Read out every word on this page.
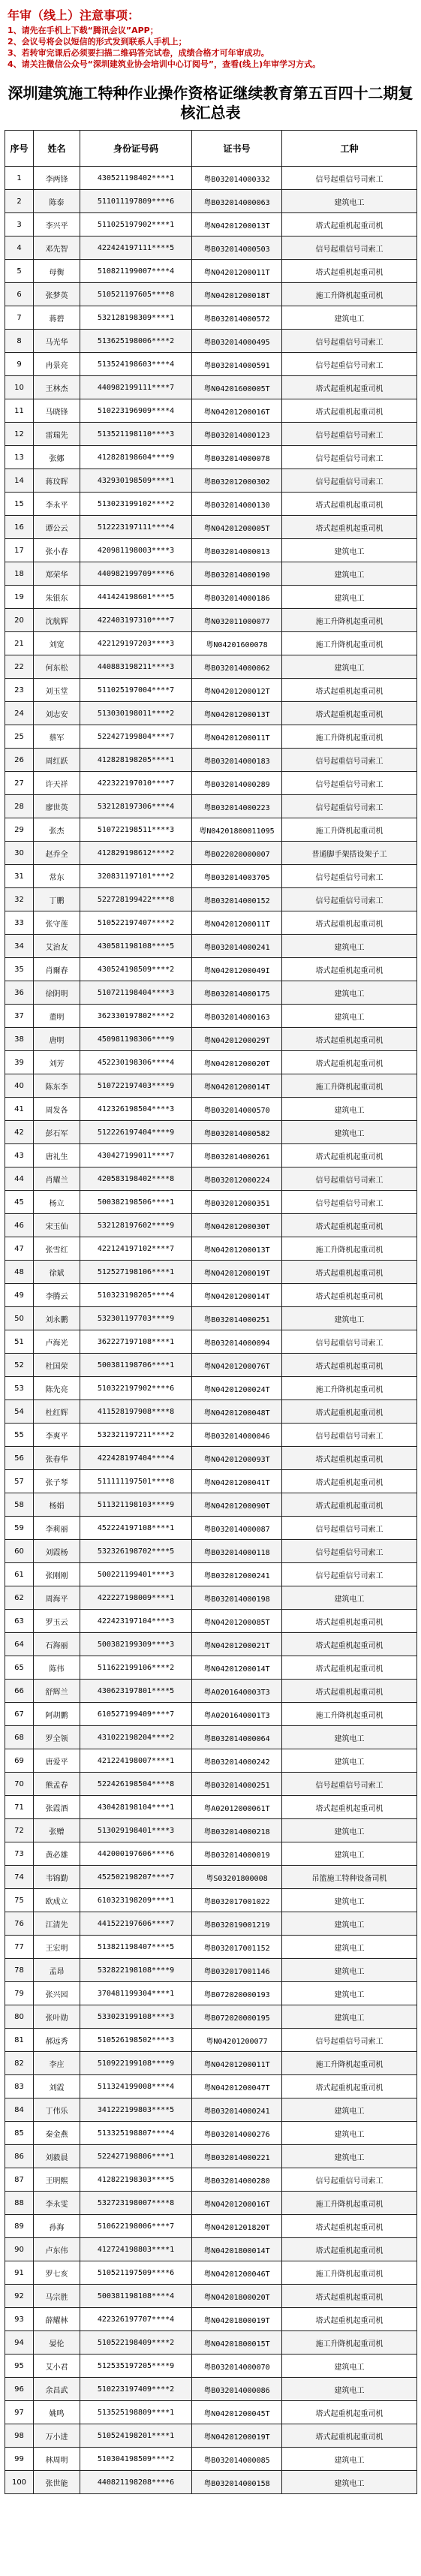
年审（线上）注意事项：
1、请先在手机上下载“腾讯会议”APP；
2、会议号将会以短信的形式发到联系人手机上；
3、若转审完课后必须要扫描二维码答完试卷，成绩合格才可年审成功。
4、请关注微信公众号“深圳建筑业协会培训中心订阅号”，查看(线上)年审学习方式。
深圳建筑施工特种作业操作资格证继续教育第五百四十二期复核汇总表
序号	姓名	身份证号码	证书号	工种
1	李两锋	430521198402****1	粤B032014000332	信号起重信号司索工
2	陈泰	511011197809****6	粤B032014000063	建筑电工
3	李兴平	511025197902****1	粤N04201200013T	塔式起重机起重司机
4	邓先智	422424197111****5	粤B032014000503	信号起重信号司索工
5	母衡	510821199007****4	粤N04201200011T	塔式起重机起重司机
6	张梦英	510521197605****8	粤N04201200018T	施工升降机起重司机
7	蒋碧	532128198309****1	粤B032014000572	建筑电工
8	马光华	513625198006****2	粤B032014000495	信号起重信号司索工
9	冉景亮	513524198603****4	粤B032014000591	信号起重信号司索工
10	王林杰	440982199111****7	粤N04201600005T	塔式起重机起重司机
11	马晓锋	510223196909****4	粤N04201200016T	塔式起重机起重司机
12	雷瑞先	513521198110****3	粤B032014000123	信号起重信号司索工
13	张娜	412828198604****9	粤B032014000078	信号起重信号司索工
14	蒋玟晖	432930198509****1	粤B032012000302	信号起重信号司索工
15	李永平	513023199102****2	粤B032014000130	塔式起重机起重司机
16	谭公云	512223197111****4	粤N04201200005T	塔式起重机起重司机
17	张小春	420981198003****3	粤B032014000013	建筑电工
18	郑荣华	440982199709****6	粤B032014000190	建筑电工
19	朱银东	441424198601****5	粤B032014000186	建筑电工
20	沈航辉	422403197310****7	粤N032011000077	施工升降机起重司机
21	刘宽	422129197203****3	粤N04201600078	施工升降机起重司机
22	何东松	440883198211****3	粤B032014000062	建筑电工
23	刘玉堂	511025197004****7	粤N04201200012T	塔式起重机起重司机
24	刘志安	513030198011****2	粤N04201200013T	塔式起重机起重司机
25	蔡军	522427199804****7	粤N04201200011T	施工升降机起重司机
26	周红跃	412828198205****1	粤B032014000183	信号起重信号司索工
27	许天祥	422322197010****7	粤B032014000289	信号起重信号司索工
28	廖世英	532128197306****4	粤B032014000223	信号起重信号司索工
29	张杰	510722198511****3	粤N04201800011095	施工升降机起重司机
30	赵乔全	412829198612****2	粤B022020000007	普通脚手架搭设架子工
31	常东	320831197101****2	粤B032014003705	信号起重信号司索工
32	丁鹏	522728199422****8	粤B032014000152	信号起重信号司索工
33	张守莲	510522197407****2	粤N04201200011T	塔式起重机起重司机
34	艾治友	430581198108****5	粤B032014000241	建筑电工
35	肖爾春	430524198509****2	粤N04201200049I	塔式起重机起重司机
36	徐阴明	510721198404****3	粤B032014000175	建筑电工
37	董明	362330197802****2	粤B032014000163	建筑电工
38	唐明	450981198306****9	粤N04201200029T	塔式起重机起重司机
39	刘芳	452230198306****4	粤N04201200020T	塔式起重机起重司机
40	陈东李	510722197403****9	粤N04201200014T	施工升降机起重司机
41	周发各	412326198504****3	粤B032014000570	建筑电工
42	彭石军	512226197404****9	粤B032014000582	建筑电工
43	唐礼生	430427199011****7	粤B032014000261	塔式起重机起重司机
44	肖耀兰	420583198402****8	粤B032012000224	信号起重信号司索工
45	杨立	500382198506****1	粤B032012000351	信号起重信号司索工
46	宋玉仙	532128197602****9	粤N04201200030T	塔式起重机起重司机
47	张雪红	422124197102****7	粤N04201200013T	施工升降机起重司机
48	徐斌	512527198106****1	粤N04201200019T	塔式起重机起重司机
49	李腾云	510323198205****4	粤N04201200014T	塔式起重机起重司机
50	刘永鹏	532301197703****9	粤B032014000251	建筑电工
51	卢海光	362227197108****1	粤B032014000094	信号起重信号司索工
52	杜国荣	500381198706****1	粤N04201200076T	塔式起重机起重司机
53	陈先亮	510322197902****6	粤N04201200024T	施工升降机起重司机
54	杜红辉	411528197908****8	粤N04201200048T	塔式起重机起重司机
55	李爽平	532321197211****2	粤B032014000046	信号起重信号司索工
56	张春华	422428197404****4	粤N04201200093T	塔式起重机起重司机
57	张子琴	511111197501****8	粤N04201200041T	塔式起重机起重司机
58	杨娟	511321198103****9	粤N04201200090T	塔式起重机起重司机
59	李莉丽	452224197108****1	粤B032014000087	信号起重信号司索工
60	刘霞杨	532326198702****5	粤B032014000118	信号起重信号司索工
61	张刚刚	500221199401****3	粤B032012000241	信号起重信号司索工
62	周海平	422227198009****1	粤B032014000198	建筑电工
63	罗玉云	422423197104****3	粤N04201200085T	塔式起重机起重司机
64	石海丽	500382199309****3	粤N04201200021T	塔式起重机起重司机
65	陈伟	511622199106****2	粤N04201200014T	塔式起重机起重司机
66	舒辉兰	430623197801****5	粤A0201640003T3	塔式起重机起重司机
67	阿胡鹏	610527199409****7	粤A0201640001T3	施工升降机起重司机
68	罗全领	431022198204****2	粤B032014000064	建筑电工
69	唐爱平	421224198007****1	粤B032014000242	建筑电工
70	熊孟春	522426198504****8	粤B032014000251	信号起重信号司索工
71	张霞酒	430428198104****1	粤A02012000061T	塔式起重机起重司机
72	张赠	513029198401****3	粤B032014000218	建筑电工
73	黄必雄	442000197606****6	粤B032014000019	建筑电工
74	韦锦勤	452502198207****7	粤S03201800008	吊篮施工特种设备司机
75	欧成立	610323198209****1	粤B032017001022	建筑电工
76	江清先	441522197606****7	粤B032019001219	建筑电工
77	王宏明	513821198407****5	粤B032017001152	建筑电工
78	孟昂	532822198108****9	粤B032017001146	建筑电工
79	张兴园	370481199304****1	粤B072020000193	建筑电工
80	张叶勋	533023199108****3	粤B072020000195	建筑电工
81	郝远秀	510526198502****3	粤N04201200077	信号起重信号司索工
82	李庄	510922199108****9	粤N04201200011T	施工升降机起重司机
83	刘霞	511324199008****4	粤N04201200047T	塔式起重机起重司机
84	丁伟乐	341222199803****5	粤B032014000241	建筑电工
85	秦金燕	513325198807****4	粤B032014000276	建筑电工
86	刘毅晨	522427198806****1	粤B032014000221	建筑电工
87	王明熙	412822198303****5	粤B032014000280	信号起重信号司索工
88	李永雯	532723198007****8	粤N04201200016T	施工升降机起重司机
89	孙海	510622198006****7	粤N04201201820T	塔式起重机起重司机
90	卢东伟	412724198803****1	粤N04201800014T	塔式起重机起重司机
91	罗七亥	510521197509****6	粤N04201200046T	施工升降机起重司机
92	马宗胜	500381198108****4	粤N04201800020T	塔式起重机起重司机
93	薛耀林	422326197707****4	粤N04201800019T	塔式起重机起重司机
94	晏伦	510522198409****2	粤N04201800015T	施工升降机起重司机
95	艾小君	512535197205****9	粤B032014000070	建筑电工
96	余昌武	510223197409****2	粤B032014000086	建筑电工
97	姚鸣	513525198809****1	粤N04201200045T	塔式起重机起重司机
98	万小进	510524198201****1	粤N04201200019T	塔式起重机起重司机
99	林周明	510304198509****2	粤B032014000085	建筑电工
100	张世能	440821198208****6	粤B032014000158	建筑电工
